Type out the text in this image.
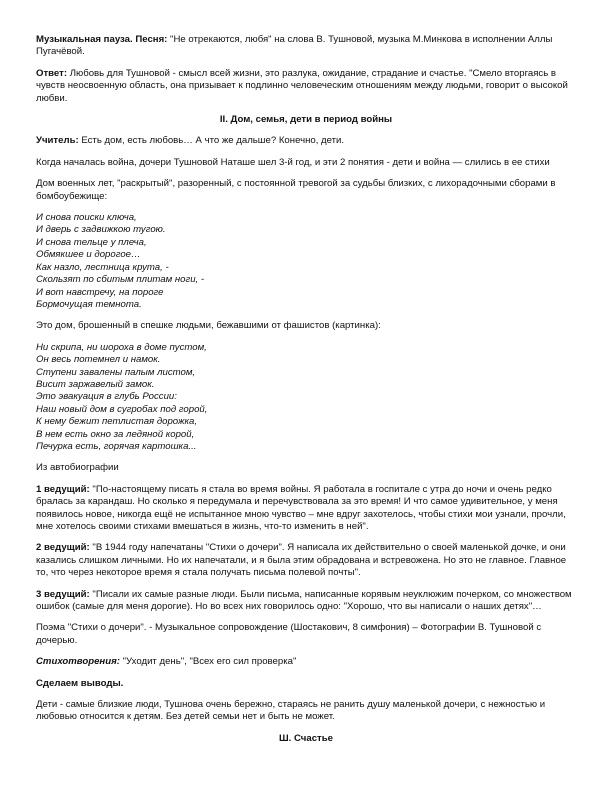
Музыкальная пауза. Песня: "Не отрекаются, любя" на слова В. Тушновой, музыка М.Минкова в исполнении Аллы Пугачёвой.

Ответ: Любовь для Тушновой - смысл всей жизни, это разлука, ожидание, страдание и счастье. "Смело вторгаясь в чувств неосвоенную область, она призывает к подлинно человеческим отношениям между людьми, говорит о высокой любви.

II. Дом, семья, дети в период войны

Учитель: Есть дом, есть любовь… А что же дальше? Конечно, дети.

Когда началась война, дочери Тушновой Наташе шел 3-й год, и эти 2 понятия - дети и война — слились в ее стихи

Дом военных лет, "раскрытый", разоренный, с постоянной тревогой за судьбы близких, с лихорадочными сборами в бомбоубежище:

И снова поиски ключа,
И дверь с задвижкою тугою.
И снова тельце у плеча,
Обмякшее и дорогое…
Как назло, лестница крута, -
Скользят по сбитым плитам ноги, -
И вот навстречу, на пороге
Бормочущая темнота.

Это дом, брошенный в спешке людьми, бежавшими от фашистов (картинка):

Ни скрипа, ни шороха в доме пустом,
Он весь потемнел и намок.
Ступени завалены палым листом,
Висит заржавелый замок.
Это эвакуация в глубь России:
Наш новый дом в сугробах под горой,
К нему бежит петлистая дорожка,
В нем есть окно за ледяной корой,
Печурка есть, горячая картошка...

Из автобиографии

1 ведущий: "По-настоящему писать я стала во время войны. Я работала в госпитале с утра до ночи и очень редко бралась за карандаш. Но сколько я передумала и перечувствовала за это время! И что самое удивительное, у меня появилось новое, никогда ещё не испытанное мною чувство – мне вдруг захотелось, чтобы стихи мои узнали, прочли, мне хотелось своими стихами вмешаться в жизнь, что-то изменить в ней".

2 ведущий: "В 1944 году напечатаны "Стихи о дочери". Я написала их действительно о своей маленькой дочке, и они казались слишком личными. Но их напечатали, и я была этим обрадована и встревожена. Но это не главное. Главное то, что через некоторое время я стала получать письма полевой почты".

3 ведущий: "Писали их самые разные люди. Были письма, написанные корявым неуклюжим почерком, со множеством ошибок (самые для меня дорогие). Но во всех них говорилось одно: "Хорошо, что вы написали о наших детях"…

Поэма "Стихи о дочери". - Музыкальное сопровождение (Шостакович, 8 симфония) – Фотографии В. Тушновой с дочерью.

Стихотворения: "Уходит день", "Всех его сил проверка"

Сделаем выводы.

Дети - самые близкие люди, Тушнова очень бережно, стараясь не ранить душу маленькой дочери, с нежностью и любовью относится к детям. Без детей семьи нет и быть не может.

Ш. Счастье
